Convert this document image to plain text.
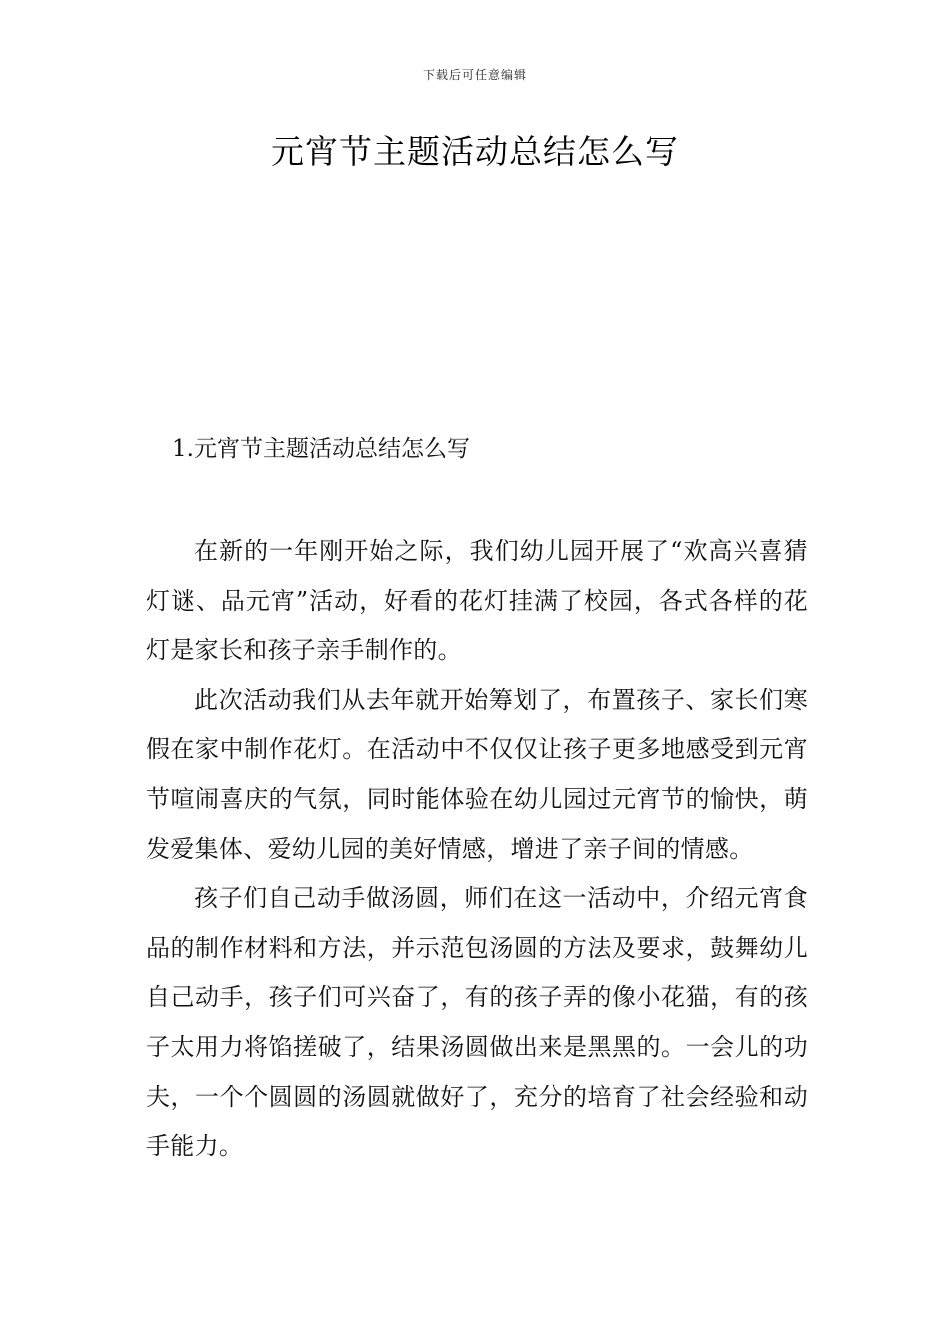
下载后可任意编辑
元宵节主题活动总结怎么写
1.元宵节主题活动总结怎么写

在新的一年刚开始之际，我们幼儿园开展了“欢高兴喜猜灯谜、品元宵”活动，好看的花灯挂满了校园，各式各样的花灯是家长和孩子亲手制作的。

此次活动我们从去年就开始筹划了，布置孩子、家长们寒假在家中制作花灯。在活动中不仅仅让孩子更多地感受到元宵节喧闹喜庆的气氛，同时能体验在幼儿园过元宵节的愉快，萌发爱集体、爱幼儿园的美好情感，增进了亲子间的情感。

孩子们自己动手做汤圆，师们在这一活动中，介绍元宵食品的制作材料和方法，并示范包汤圆的方法及要求，鼓舞幼儿自己动手，孩子们可兴奋了，有的孩子弄的像小花猫，有的孩子太用力将馅搓破了，结果汤圆做出来是黑黑的。一会儿的功夫，一个个圆圆的汤圆就做好了，充分的培育了社会经验和动手能力。
